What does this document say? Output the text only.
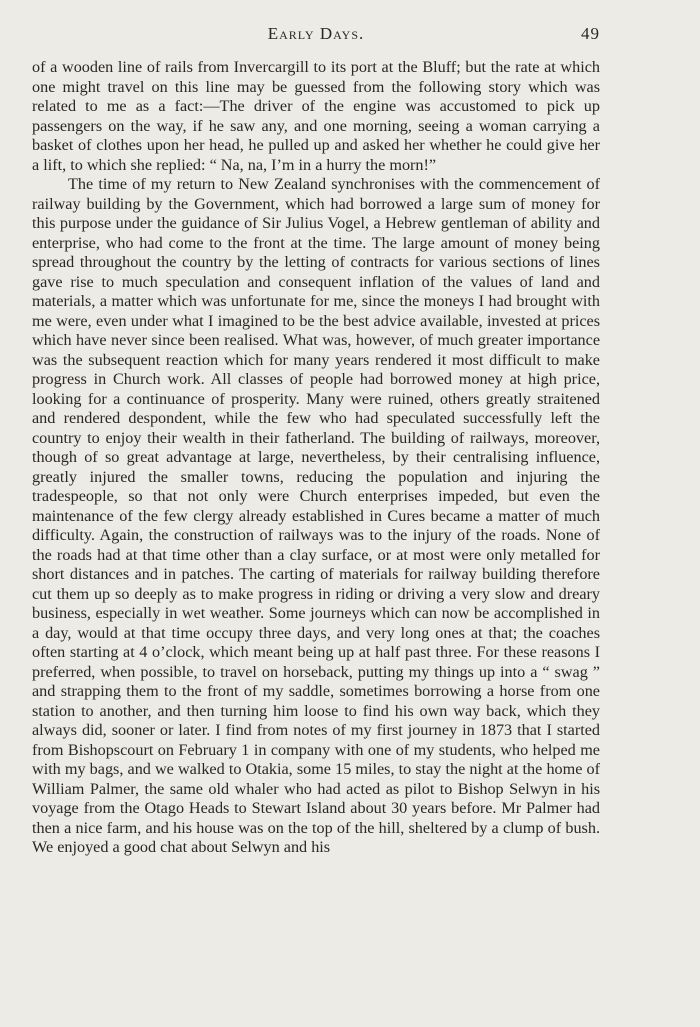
Early Days.	49

of a wooden line of rails from Invercargill to its port at the Bluff; but the rate at which one might travel on this line may be guessed from the following story which was related to me as a fact:—The driver of the engine was accustomed to pick up passengers on the way, if he saw any, and one morning, seeing a woman carrying a basket of clothes upon her head, he pulled up and asked her whether he could give her a lift, to which she replied: “ Na, na, I’m in a hurry the morn!”

The time of my return to New Zealand synchronises with the commencement of railway building by the Government, which had borrowed a large sum of money for this purpose under the guidance of Sir Julius Vogel, a Hebrew gentleman of ability and enterprise, who had come to the front at the time. The large amount of money being spread throughout the country by the letting of contracts for various sections of lines gave rise to much speculation and consequent inflation of the values of land and materials, a matter which was unfortunate for me, since the moneys I had brought with me were, even under what I imagined to be the best advice available, invested at prices which have never since been realised. What was, however, of much greater importance was the subsequent reaction which for many years rendered it most difficult to make progress in Church work. All classes of people had borrowed money at high price, looking for a continuance of prosperity. Many were ruined, others greatly straitened and rendered despondent, while the few who had speculated successfully left the country to enjoy their wealth in their fatherland. The building of railways, moreover, though of so great advantage at large, nevertheless, by their centralising influence, greatly injured the smaller towns, reducing the population and injuring the tradespeople, so that not only were Church enterprises impeded, but even the maintenance of the few clergy already established in Cures became a matter of much difficulty. Again, the construction of railways was to the injury of the roads. None of the roads had at that time other than a clay surface, or at most were only metalled for short distances and in patches. The carting of materials for railway building therefore cut them up so deeply as to make progress in riding or driving a very slow and dreary business, especially in wet weather. Some journeys which can now be accomplished in a day, would at that time occupy three days, and very long ones at that; the coaches often starting at 4 o’clock, which meant being up at half past three. For these reasons I preferred, when possible, to travel on horseback, putting my things up into a “ swag ” and strapping them to the front of my saddle, sometimes borrowing a horse from one station to another, and then turning him loose to find his own way back, which they always did, sooner or later. I find from notes of my first journey in 1873 that I started from Bishopscourt on February 1 in company with one of my students, who helped me with my bags, and we walked to Otakia, some 15 miles, to stay the night at the home of William Palmer, the same old whaler who had acted as pilot to Bishop Selwyn in his voyage from the Otago Heads to Stewart Island about 30 years before. Mr Palmer had then a nice farm, and his house was on the top of the hill, sheltered by a clump of bush. We enjoyed a good chat about Selwyn and his
